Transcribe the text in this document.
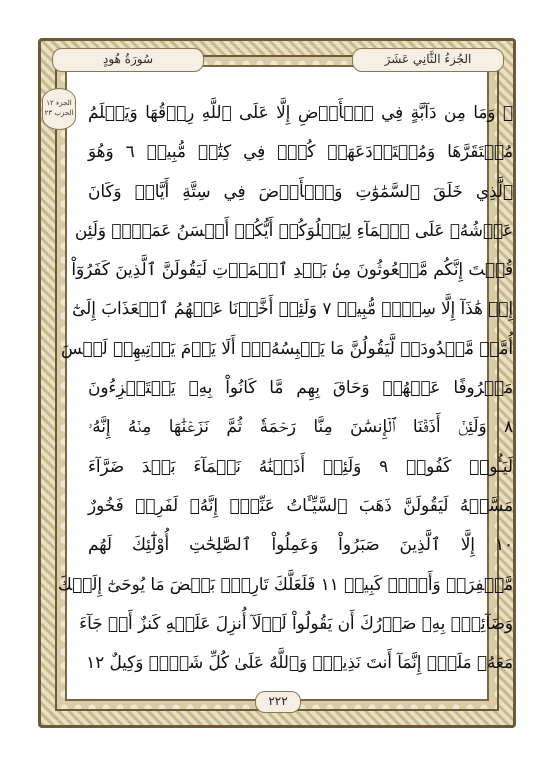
الجُزءُ الثَّانِي عَشَرَ
سُورَةُ هُودٍ
الجزء ١٢
الحزب ٢٣ ۞ وَمَا مِن دَآبَّةٍ فِي ٱلۡأَرۡضِ إِلَّا عَلَى ٱللَّهِ رِزۡقُهَا وَيَعۡلَمُ
مُسۡتَقَرَّهَا وَمُسۡتَوۡدَعَهَاۚ كُلّٞ فِي كِتَٰبٖ مُّبِينٖ ٦ وَهُوَ
ٱلَّذِي خَلَقَ ٱلسَّمَٰوَٰتِ وَٱلۡأَرۡضَ فِي سِتَّةِ أَيَّامٖ وَكَانَ
عَرۡشُهُۥ عَلَى ٱلۡمَآءِ لِيَبۡلُوَكُمۡ أَيُّكُمۡ أَحۡسَنُ عَمَلٗاۗ وَلَئِن
قُلۡتَ إِنَّكُم مَّبۡعُوثُونَ مِنۢ بَعۡدِ ٱلۡمَوۡتِ لَيَقُولَنَّ ٱلَّذِينَ كَفَرُوٓاْ
إِنۡ هَٰذَآ إِلَّا سِحۡرٞ مُّبِينٞ ٧ وَلَئِنۡ أَخَّرۡنَا عَنۡهُمُ ٱلۡعَذَابَ إِلَىٰٓ
أُمَّةٖ مَّعۡدُودَةٖ لَّيَقُولُنَّ مَا يَحۡبِسُهُۥٓۗ أَلَا يَوۡمَ يَأۡتِيهِمۡ لَيۡسَ
مَصۡرُوفًا عَنۡهُمۡ وَحَاقَ بِهِم مَّا كَانُواْ بِهِۦ يَسۡتَهۡزِءُونَ
٨ وَلَئِنۡ أَذَقۡنَا ٱلۡإِنسَٰنَ مِنَّا رَحۡمَةٗ ثُمَّ نَزَعۡنَٰهَا مِنۡهُ إِنَّهُۥ
لَيَـُٔوسٞ كَفُورٞ ٩ وَلَئِنۡ أَذَقۡنَٰهُ نَعۡمَآءَ بَعۡدَ ضَرَّآءَ
مَسَّتۡهُ لَيَقُولَنَّ ذَهَبَ ٱلسَّيِّـَٔاتُ عَنِّيٓۚ إِنَّهُۥ لَفَرِحٞ فَخُورٌ
١٠ إِلَّا ٱلَّذِينَ صَبَرُواْ وَعَمِلُواْ ٱلصَّٰلِحَٰتِ أُوْلَٰٓئِكَ لَهُم
مَّغۡفِرَةٞ وَأَجۡرٞ كَبِيرٞ ١١ فَلَعَلَّكَ تَارِكُۢ بَعۡضَ مَا يُوحَىٰٓ إِلَيۡكَ
وَضَآئِقُۢ بِهِۦ صَدۡرُكَ أَن يَقُولُواْ لَوۡلَآ أُنزِلَ عَلَيۡهِ كَنزٌ أَوۡ جَآءَ
مَعَهُۥ مَلَكٌۚ إِنَّمَآ أَنتَ نَذِيرٞۚ وَٱللَّهُ عَلَىٰ كُلِّ شَيۡءٖ وَكِيلٌ ١٢
٢٢٢
